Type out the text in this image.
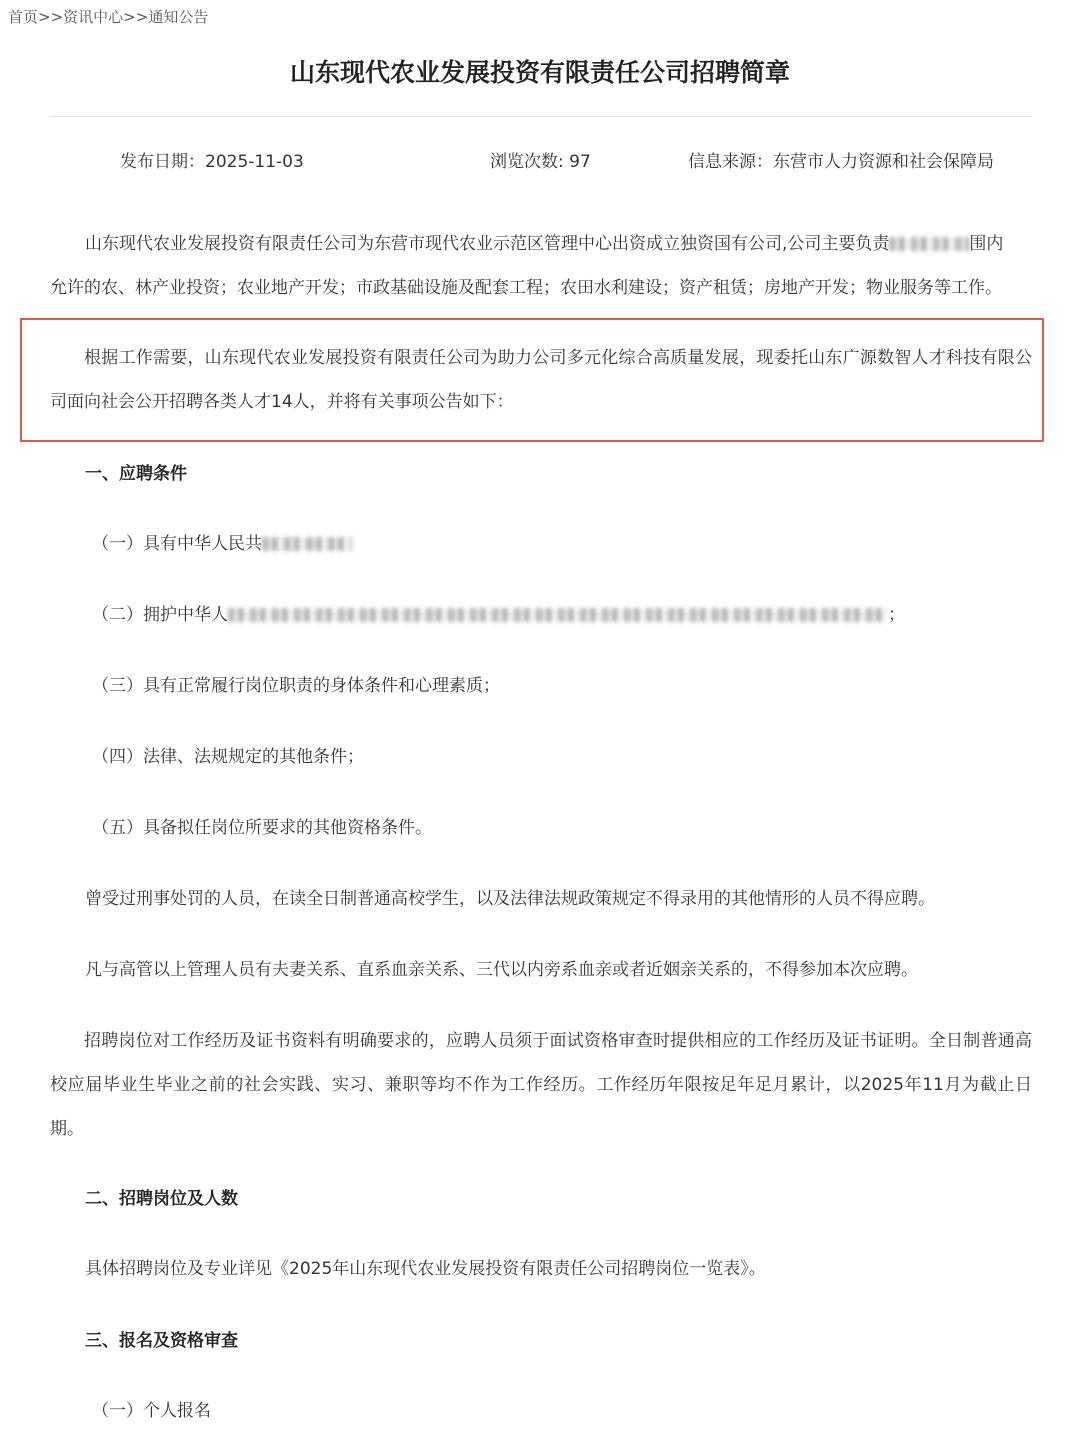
首页>>资讯中心>>通知公告
山东现代农业发展投资有限责任公司招聘简章
发布日期：2025-11-03	浏览次数: 97	信息来源：东营市人力资源和社会保障局
山东现代农业发展投资有限责任公司为东营市现代农业示范区管理中心出资成立独资国有公司,公司主要负责	围内
允许的农、林产业投资；农业地产开发；市政基础设施及配套工程；农田水利建设；资产租赁；房地产开发；物业服务等工作。

根据工作需要，山东现代农业发展投资有限责任公司为助力公司多元化综合高质量发展，现委托山东广源数智人才科技有限公司面向社会公开招聘各类人才14人，并将有关事项公告如下：

一、应聘条件
（一）具有中华人民共
（二）拥护中华人	；
（三）具有正常履行岗位职责的身体条件和心理素质；
（四）法律、法规规定的其他条件；
（五）具备拟任岗位所要求的其他资格条件。
曾受过刑事处罚的人员，在读全日制普通高校学生，以及法律法规政策规定不得录用的其他情形的人员不得应聘。
凡与高管以上管理人员有夫妻关系、直系血亲关系、三代以内旁系血亲或者近姻亲关系的，不得参加本次应聘。

招聘岗位对工作经历及证书资料有明确要求的，应聘人员须于面试资格审查时提供相应的工作经历及证书证明。全日制普通高校应届毕业生毕业之前的社会实践、实习、兼职等均不作为工作经历。工作经历年限按足年足月累计，以2025年11月为截止日期。

二、招聘岗位及人数
具体招聘岗位及专业详见《2025年山东现代农业发展投资有限责任公司招聘岗位一览表》。
三、报名及资格审查
（一）个人报名
